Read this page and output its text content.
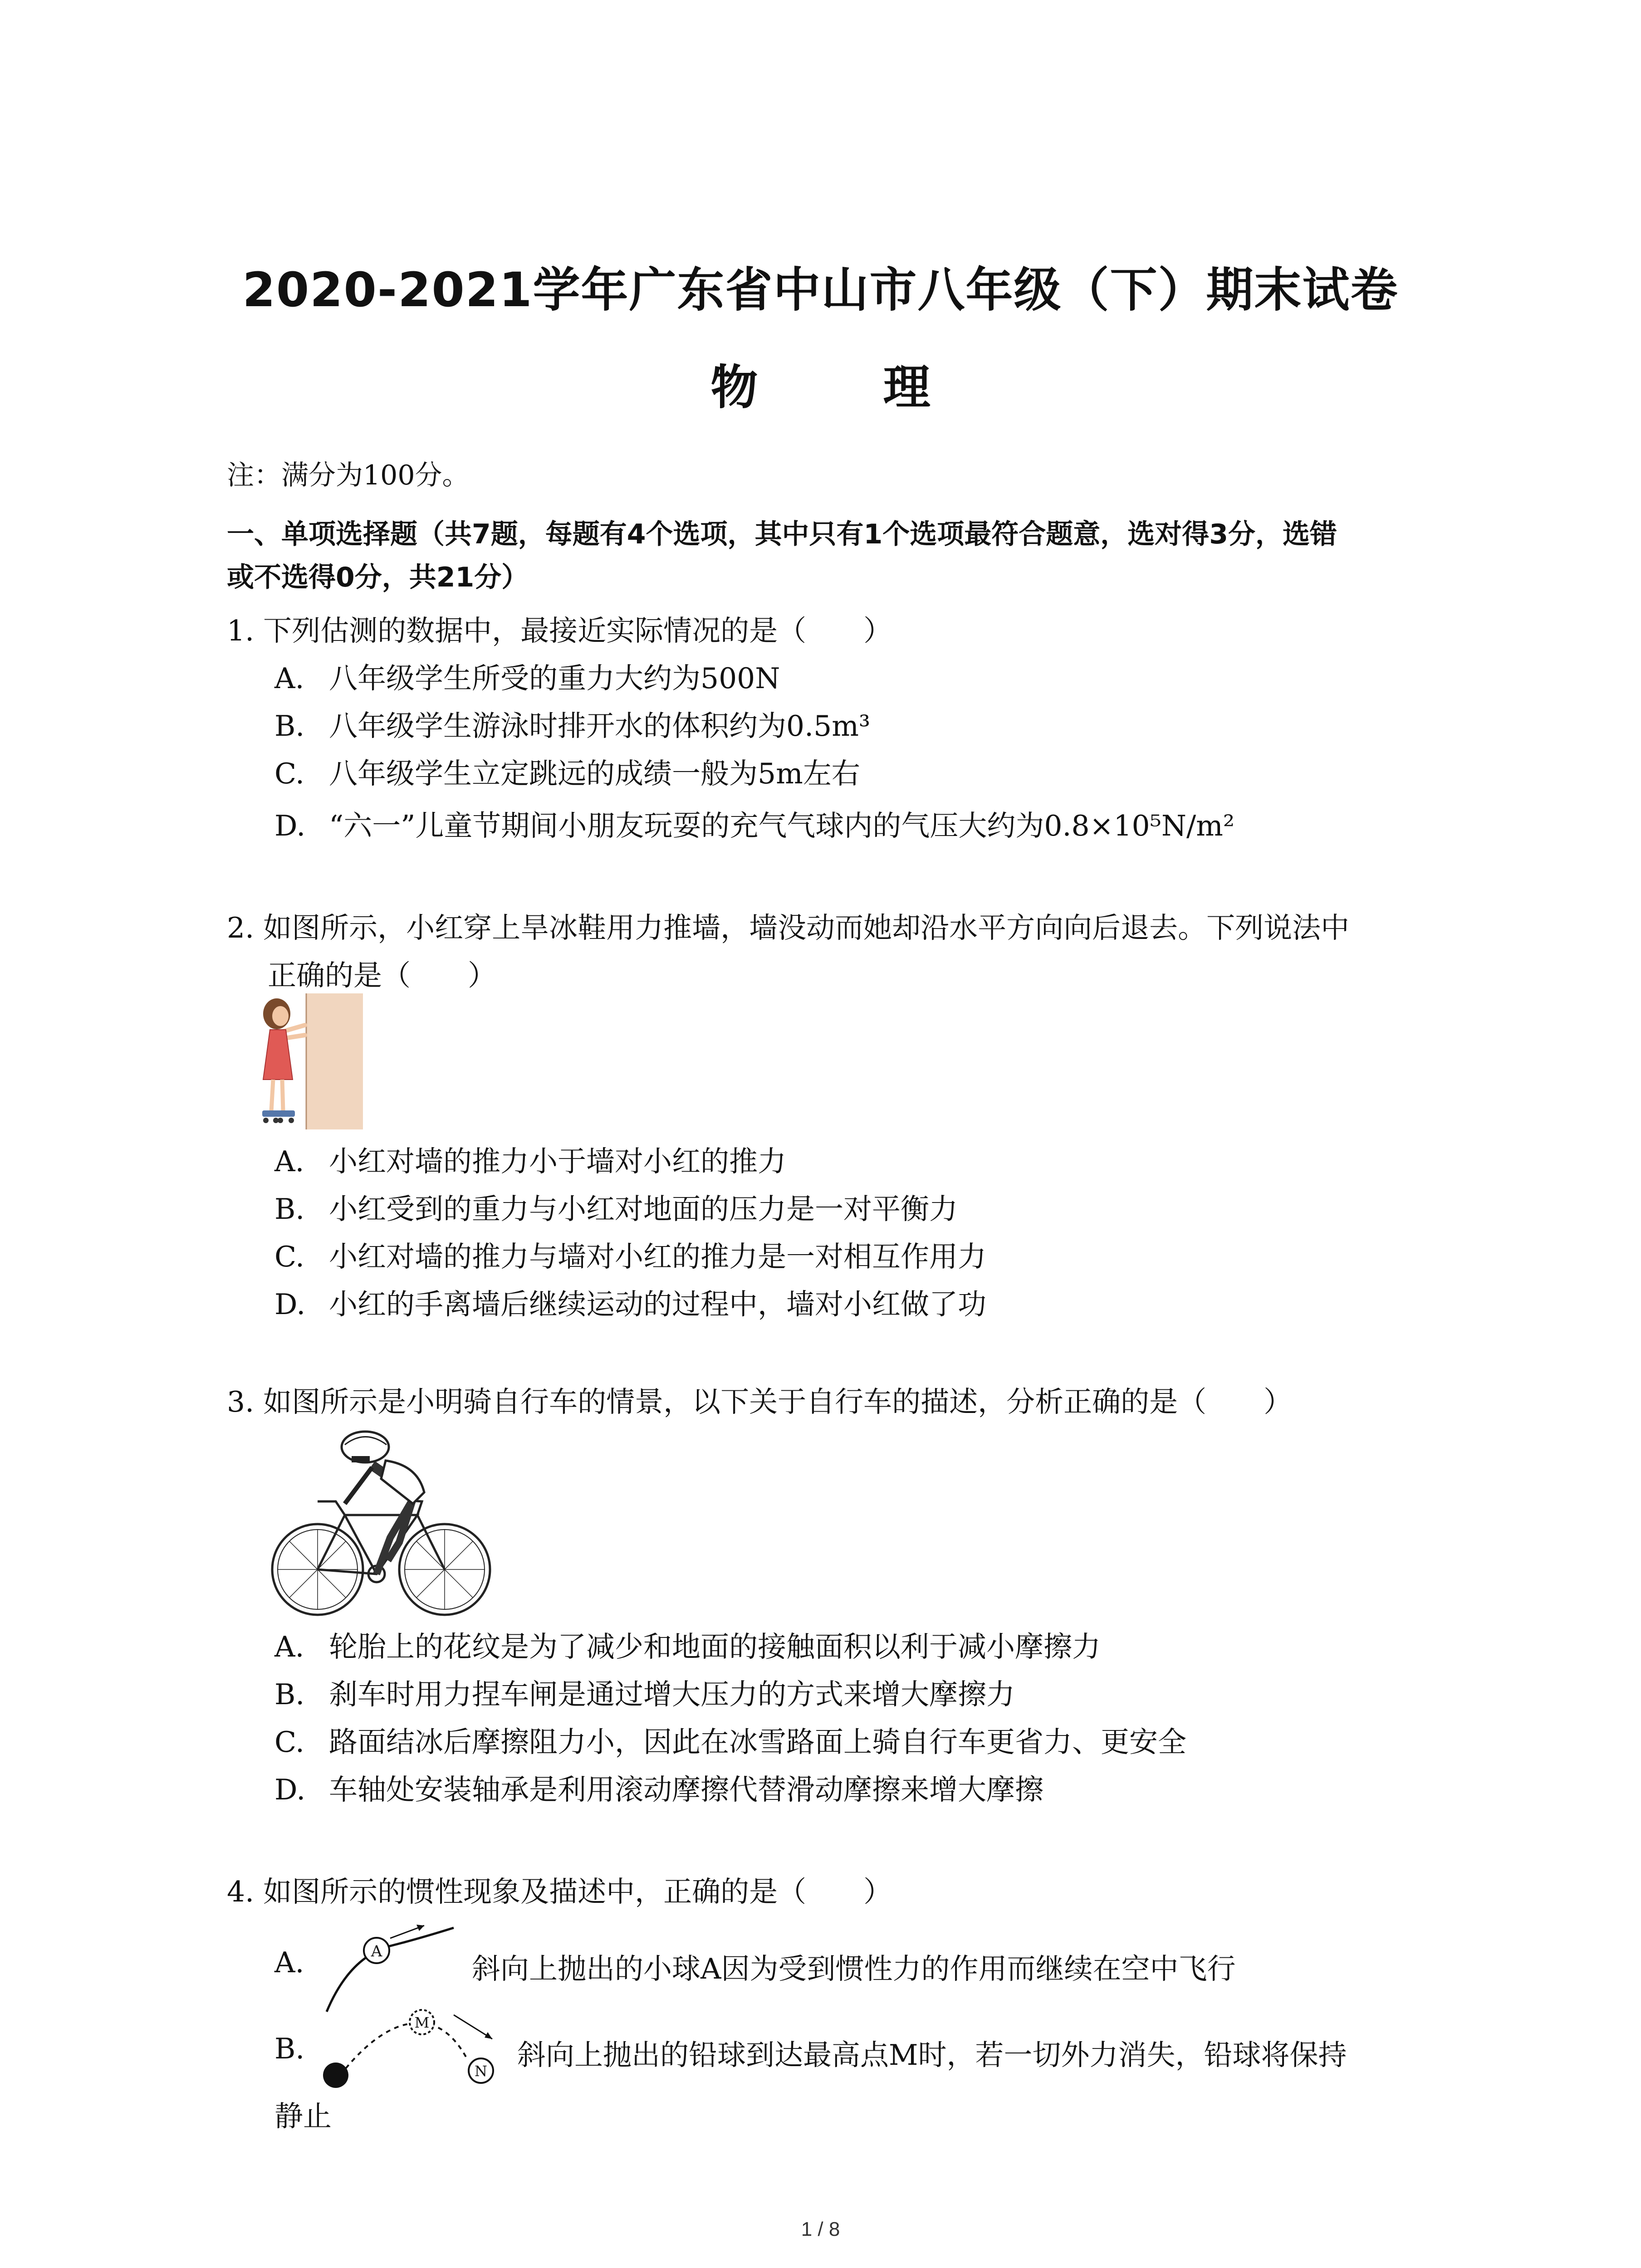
2020-2021学年广东省中山市八年级（下）期末试卷
物 理
注：满分为100分。
一、单项选择题（共7题，每题有4个选项，其中只有1个选项最符合题意，选对得3分，选错
或不选得0分，共21分）
1. 下列估测的数据中，最接近实际情况的是（　　）
A. 八年级学生所受的重力大约为500N
B. 八年级学生游泳时排开水的体积约为0.5m³
C. 八年级学生立定跳远的成绩一般为5m左右
D. “六一”儿童节期间小朋友玩耍的充气气球内的气压大约为0.8×10⁵N/m²
2. 如图所示，小红穿上旱冰鞋用力推墙，墙没动而她却沿水平方向向后退去。下列说法中
正确的是（　　）
A. 小红对墙的推力小于墙对小红的推力
B. 小红受到的重力与小红对地面的压力是一对平衡力
C. 小红对墙的推力与墙对小红的推力是一对相互作用力
D. 小红的手离墙后继续运动的过程中，墙对小红做了功
3. 如图所示是小明骑自行车的情景，以下关于自行车的描述，分析正确的是（　　）
A. 轮胎上的花纹是为了减少和地面的接触面积以利于减小摩擦力
B. 刹车时用力捏车闸是通过增大压力的方式来增大摩擦力
C. 路面结冰后摩擦阻力小，因此在冰雪路面上骑自行车更省力、更安全
D. 车轴处安装轴承是利用滚动摩擦代替滑动摩擦来增大摩擦
4. 如图所示的惯性现象及描述中，正确的是（　　）
A.	A
斜向上抛出的小球A因为受到惯性力的作用而继续在空中飞行
B.
M
N 斜向上抛出的铅球到达最高点M时，若一切外力消失，铅球将保持
静止
1 / 8
